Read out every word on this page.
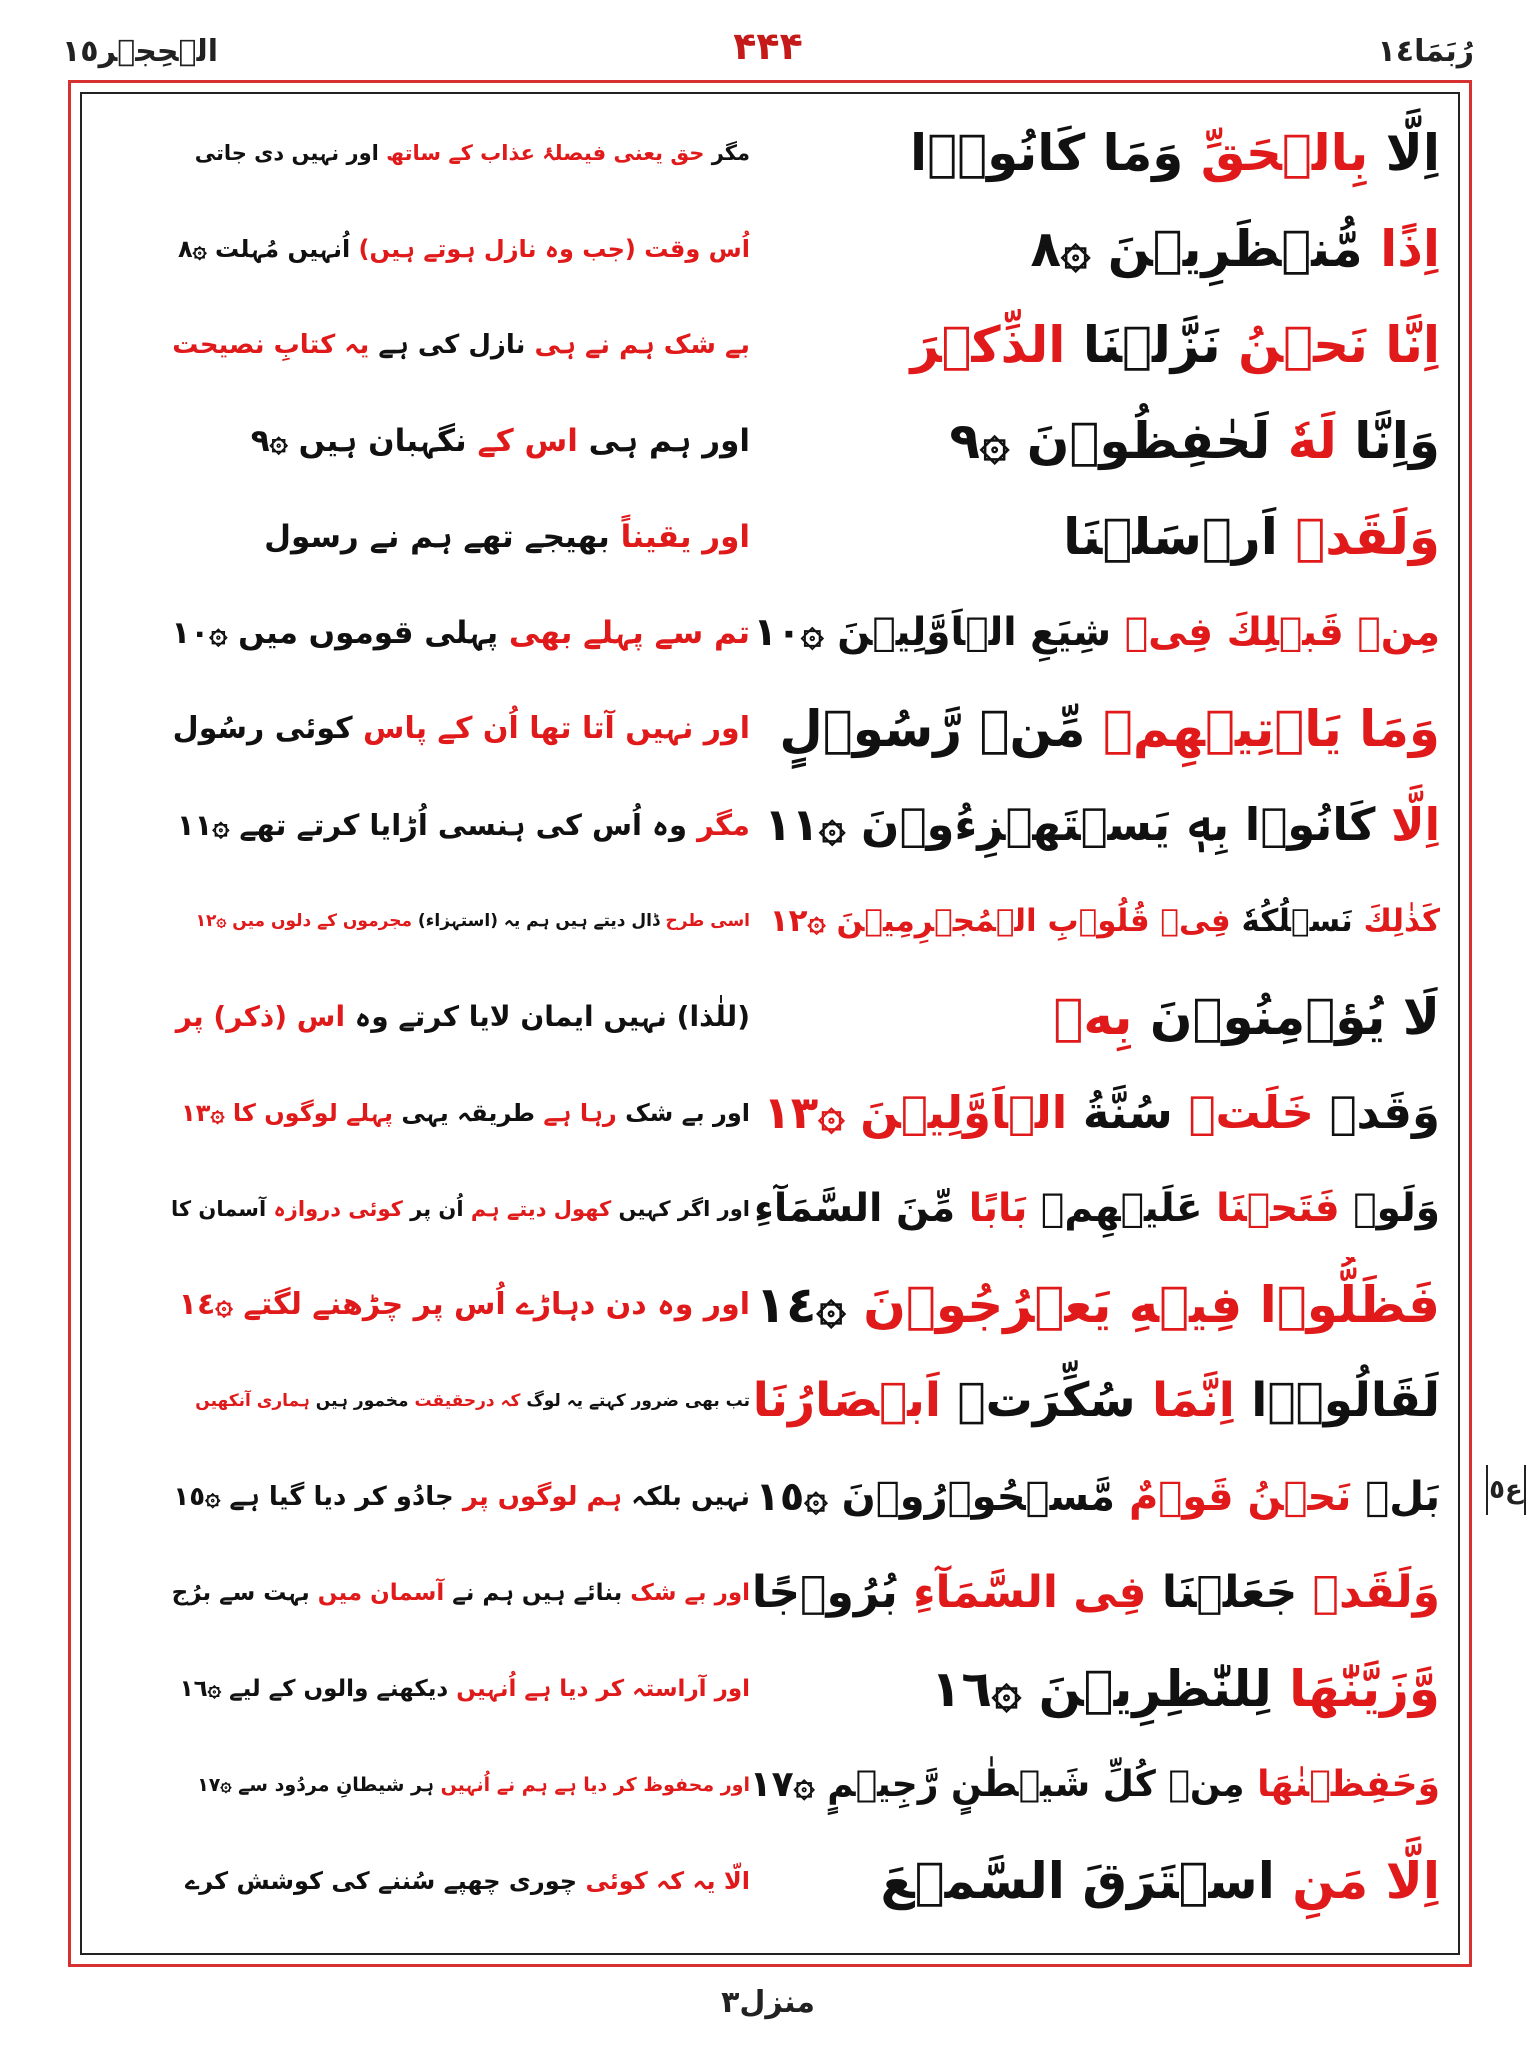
الۡحِجۡر١٥	۴۴۴	رُبَمَا١٤
اِلَّا بِالۡحَقِّ وَمَا كَانُوۡۤا
مگر حق یعنی فیصلۂ عذاب کے ساتھ اور نہیں دی جاتی
اِذًا مُّنۡظَرِيۡنَ ۞٨
اُس وقت (جب وہ نازل ہوتے ہیں) اُنہیں مُہلت ۞٨
اِنَّا نَحۡنُ نَزَّلۡنَا الذِّكۡرَ
بے شک ہم نے ہی نازل کی ہے یہ کتابِ نصیحت
وَاِنَّا لَهٗ لَحٰفِظُوۡنَ ۞٩
اور ہم ہی اس کے نگہبان ہیں ۞٩
وَلَقَدۡ اَرۡسَلۡنَا
اور یقیناً بھیجے تھے ہم نے رسول
مِنۡ قَبۡلِكَ فِىۡ شِيَعِ الۡاَوَّلِيۡنَ ۞١٠
تم سے پہلے بھی پہلی قوموں میں ۞١٠
وَمَا يَاۡتِيۡهِمۡ مِّنۡ رَّسُوۡلٍ
اور نہیں آتا تھا اُن کے پاس کوئی رسُول
اِلَّا كَانُوۡا بِهٖ يَسۡتَهۡزِءُوۡنَ ۞١١
مگر وہ اُس کی ہنسی اُڑایا کرتے تھے ۞١١
كَذٰلِكَ نَسۡلُكُهٗ فِىۡ قُلُوۡبِ الۡمُجۡرِمِيۡنَ ۞١٢
اسی طرح ڈال دیتے ہیں ہم یہ (استہزاء) مجرموں کے دلوں میں ۞١٢
لَا يُؤۡمِنُوۡنَ بِهٖ
(للٰذا) نہیں ایمان لایا کرتے وہ اس (ذکر) پر
وَقَدۡ خَلَتۡ سُنَّةُ الۡاَوَّلِيۡنَ ۞١٣
اور بے شک رہا ہے طریقہ یہی پہلے لوگوں کا ۞١٣
وَلَوۡ فَتَحۡنَا عَلَيۡهِمۡ بَابًا مِّنَ السَّمَآءِ
اور اگر کہیں کھول دیتے ہم اُن پر کوئی دروازہ آسمان کا
فَظَلُّوۡا فِيۡهِ يَعۡرُجُوۡنَ ۞١٤
اور وہ دن دہاڑے اُس پر چڑھنے لگتے ۞١٤
لَقَالُوۡۤا اِنَّمَا سُكِّرَتۡ اَبۡصَارُنَا
تب بھی ضرور کہتے یہ لوگ کہ درحقیقت مخمور ہیں ہماری آنکھیں
بَلۡ نَحۡنُ قَوۡمٌ مَّسۡحُوۡرُوۡنَ ۞١٥
نہیں بلکہ ہم لوگوں پر جادُو کر دیا گیا ہے ۞١٥
وَلَقَدۡ جَعَلۡنَا فِى السَّمَآءِ بُرُوۡجًا
اور بے شک بنائے ہیں ہم نے آسمان میں بہت سے برُج
وَّزَيَّنّٰهَا لِلنّٰظِرِيۡنَ ۞١٦
اور آراستہ کر دیا ہے اُنہیں دیکھنے والوں کے لیے ۞١٦
وَحَفِظۡنٰهَا مِنۡ كُلِّ شَيۡطٰنٍ رَّجِيۡمٍ ۞١٧
اور محفوظ کر دیا ہے ہم نے اُنہیں ہر شیطانِ مردُود سے ۞١٧
اِلَّا مَنِ اسۡتَرَقَ السَّمۡعَ
الّا یہ کہ کوئی چوری چھپے سُننے کی کوشش کرے
ع٥
منزل٣
